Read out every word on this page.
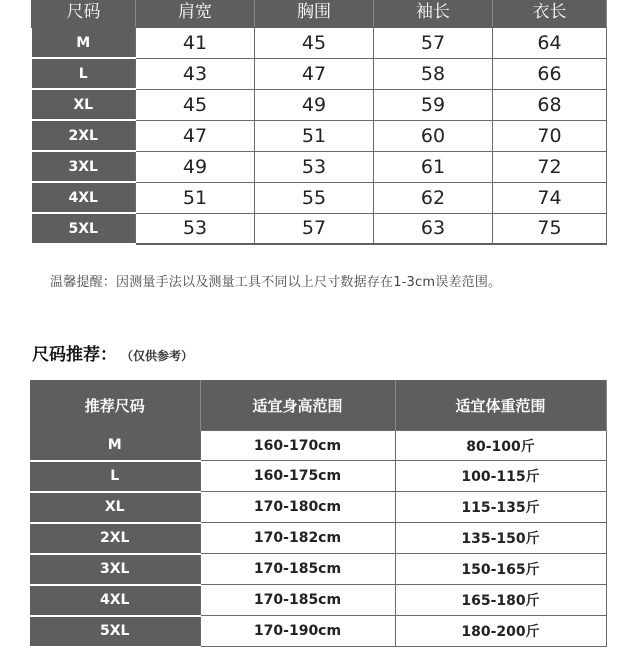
尺码	肩宽	胸围	袖长	衣长
M	41	45	57	64
L	43	47	58	66
XL	45	49	59	68
2XL	47	51	60	70
3XL	49	53	61	72
4XL	51	55	62	74
5XL	53	57	63	75
温馨提醒：因测量手法以及测量工具不同以上尺寸数据存在1-3cm误差范围。
尺码推荐： （仅供参考）
推荐尺码	适宜身高范围	适宜体重范围
M	160-170cm	80-100斤
L	160-175cm	100-115斤
XL	170-180cm	115-135斤
2XL	170-182cm	135-150斤
3XL	170-185cm	150-165斤
4XL	170-185cm	165-180斤
5XL	170-190cm	180-200斤
